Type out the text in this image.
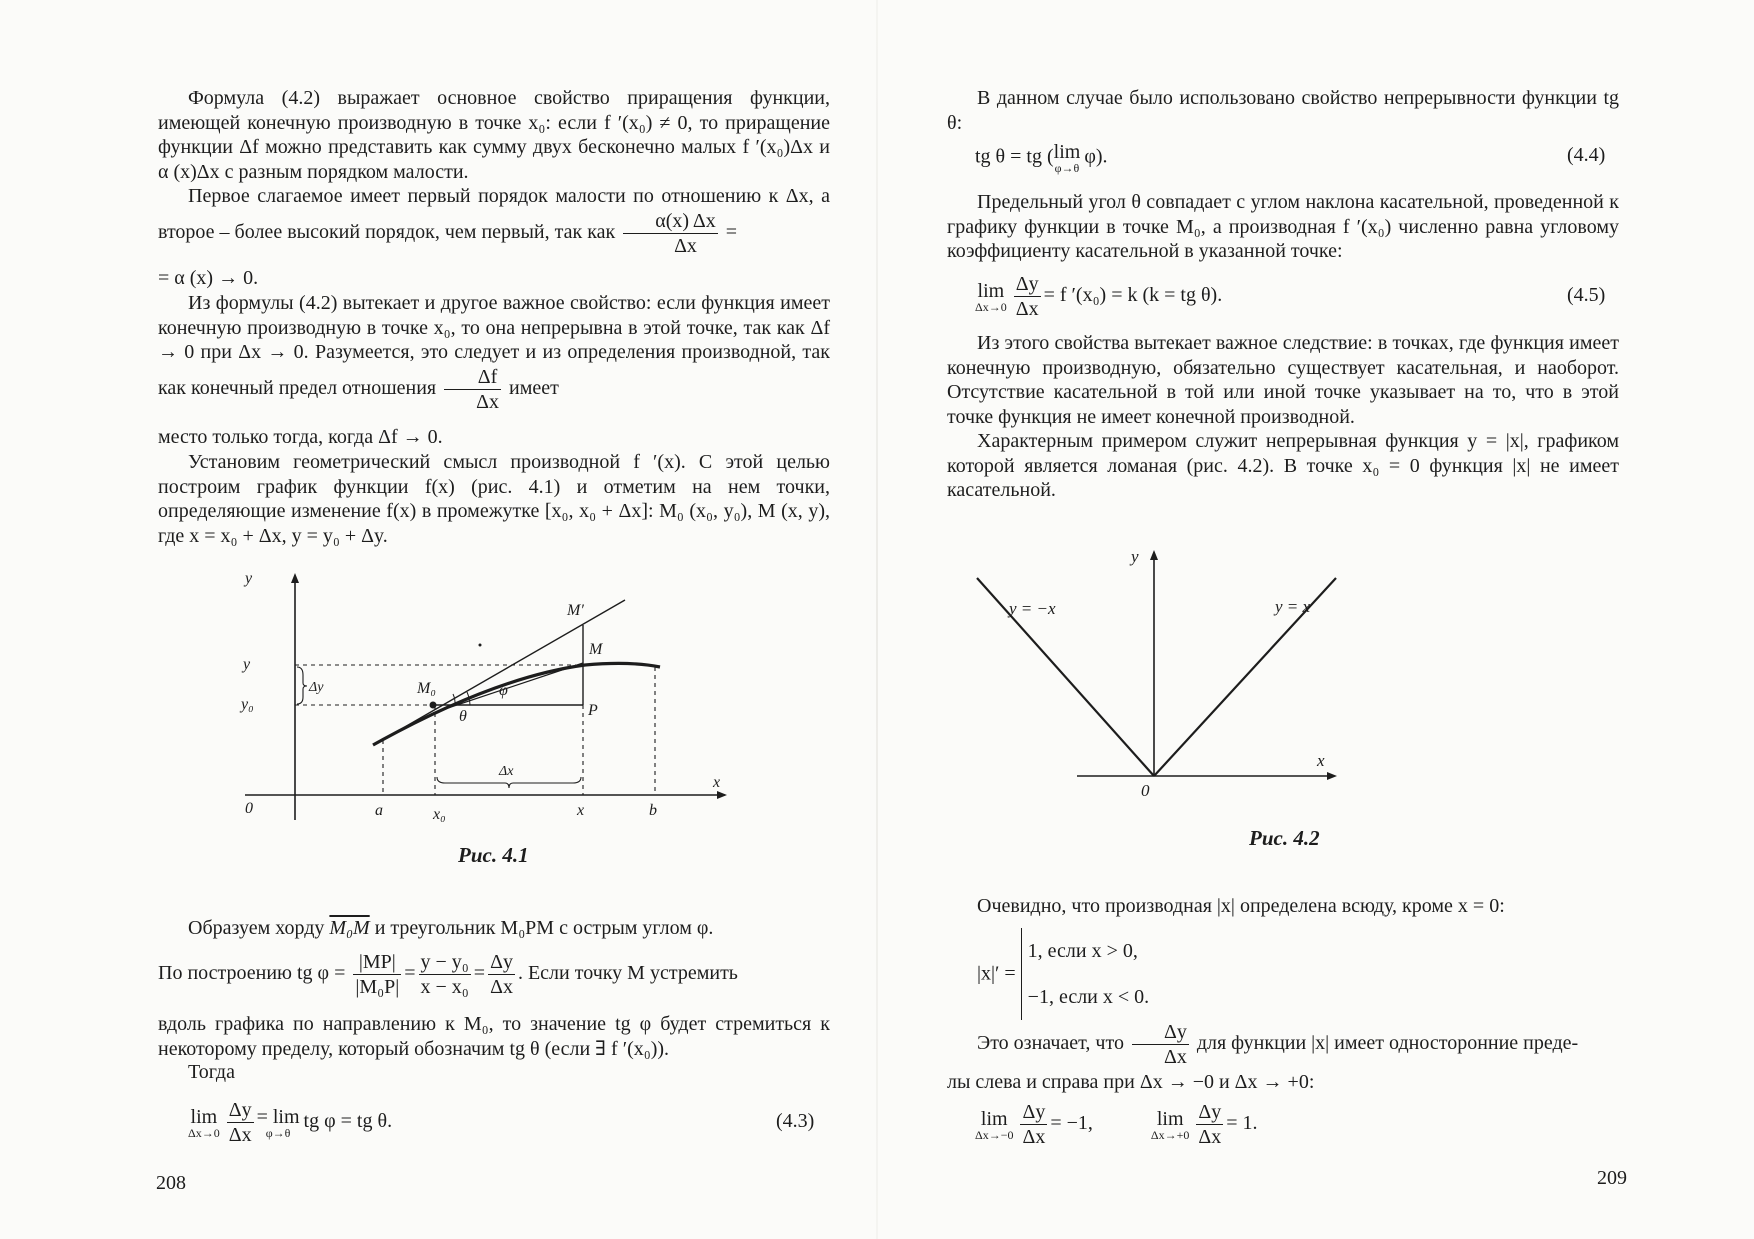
Формула (4.2) выражает основное свойство приращения функции, имеющей конечную производную в точке x₀: если f ′(x₀) ≠ 0, то приращение функции Δf можно представить как сумму двух бесконечно малых f ′(x₀)Δx и α (x)Δx с разным порядком малости.

Первое слагаемое имеет первый порядок малости по отношению к Δx, а второе – более высокий порядок, чем первый, так как $\frac{\alpha(x) \Delta x}{\Delta x}$ =

= α (x) → 0.

Из формулы (4.2) вытекает и другое важное свойство: если функция имеет конечную производную в точке x₀, то она непрерывна в этой точке, так как Δf → 0 при Δx → 0. Разумеется, это следует и из определения производной, так как конечный предел отношения $\frac{\Delta f}{\Delta x}$ имеет

место только тогда, когда Δf → 0.

Установим геометрический смысл производной f ′(x). С этой целью построим график функции f(x) (рис. 4.1) и отметим на нем точки, определяющие изменение f(x) в промежутке [x₀, x₀ + Δx]: M₀ (x₀, y₀), M (x, y), где x = x₀ + Δx, y = y₀ + Δy.

y
x
0	a	x₀	x	b
y
y₀
Δy
Δx
M′
M
M₀
P
φ
θ
Рис. 4.1
Образуем хорду M₀M и треугольник M₀PM с острым углом φ.
По построению tg $\varphi = \frac{|MP|}{\text{|M₀P|}} = \frac{\text{y − y₀}}{\text{x − x₀}} = \frac{\Delta y}{\Delta x}$ . Если точку M устремить

вдоль графика по направлению к M₀, то значение tg φ будет стремиться к некоторому пределу, который обозначим tg θ (если ∃ f ′(x₀)).

Тогда

lim
$\Delta x\to 0 \frac{\Delta y}{\Delta x} = \lim$
φ→θ
tg φ = tg θ.	(4.3)
208

В данном случае было использовано свойство непрерывности функции tg θ:

tg θ = tg ( lim
φ→θ
φ).	(4.4)

Предельный угол θ совпадает с углом наклона касательной, проведенной к графику функции в точке M₀, а производная f ′(x₀) численно равна угловому коэффициенту касательной в указанной точке:

lim
$\Delta x\to 0 \frac{\Delta y}{\Delta x} = f$ ′(x₀) = k (k = tg θ).	(4.5)

Из этого свойства вытекает важное следствие: в точках, где функция имеет конечную производную, обязательно существует касательная, и наоборот. Отсутствие касательной в той или иной точке указывает на то, что в этой точке функция не имеет конечной производной.

Характерным примером служит непрерывная функция y = |x|, графиком которой является ломаная (рис. 4.2). В точке x₀ = 0 функция |x| не имеет касательной.

y
x
0
y = −x	y = x
Рис. 4.2

Очевидно, что производная |x| определена всюду, кроме x = 0:

|x|′ =
1, если x > 0,
−1, если x < 0.
Это означает, что $\frac{\Delta y}{\Delta x}$ для функции |x| имеет односторонние преде-

лы слева и справа при Δx → −0 и Δx → +0:

lim
$\Delta x\to-0 \frac{\Delta y}{\Delta x} = -1$,	lim
$\Delta x\to+0 \frac{\Delta y}{\Delta x} = 1$.
209
